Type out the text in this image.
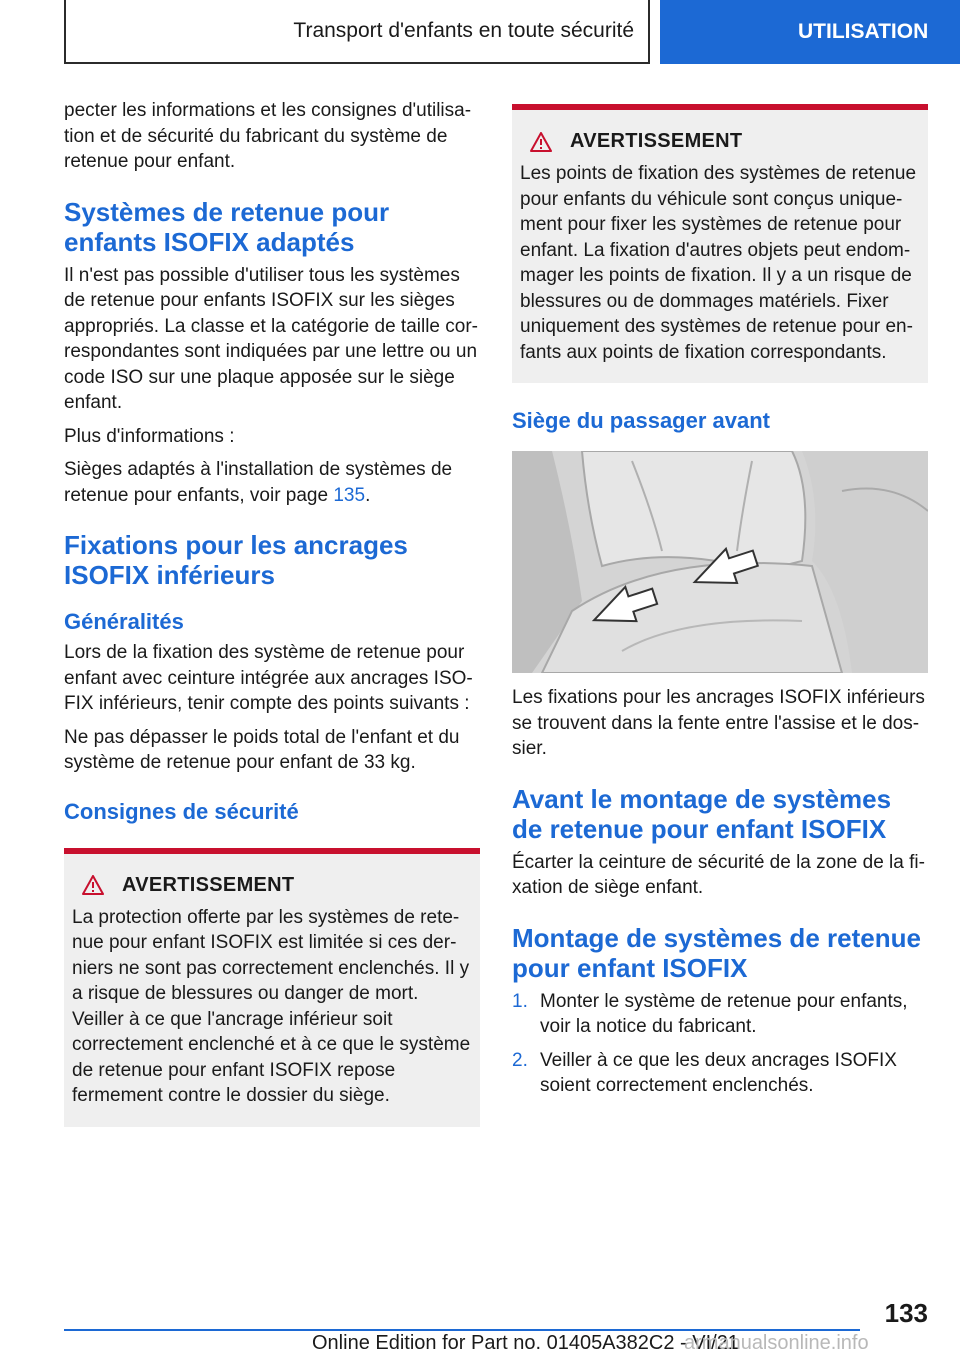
Transport d'enfants en toute sécurité	UTILISATION

pecter les informations et les consignes d'utilisa-tion et de sécurité du fabricant du système de retenue pour enfant.

Systèmes de retenue pour enfants ISOFIX adaptés

Il n'est pas possible d'utiliser tous les systèmes de retenue pour enfants ISOFIX sur les sièges appropriés. La classe et la catégorie de taille cor-respondantes sont indiquées par une lettre ou un code ISO sur une plaque apposée sur le siège enfant.

Plus d'informations :

Sièges adaptés à l'installation de systèmes de retenue pour enfants, voir page 135.

Fixations pour les ancrages ISOFIX inférieurs
Généralités

Lors de la fixation des système de retenue pour enfant avec ceinture intégrée aux ancrages ISO-FIX inférieurs, tenir compte des points suivants :

Ne pas dépasser le poids total de l'enfant et du système de retenue pour enfant de 33 kg.

Consignes de sécurité
AVERTISSEMENT

La protection offerte par les systèmes de rete-nue pour enfant ISOFIX est limitée si ces der-niers ne sont pas correctement enclenchés. Il y a risque de blessures ou danger de mort. Veiller à ce que l'ancrage inférieur soit correctement enclenché et à ce que le système de retenue pour enfant ISOFIX repose fermement contre le dossier du siège.

AVERTISSEMENT

Les points de fixation des systèmes de retenue pour enfants du véhicule sont conçus unique-ment pour fixer les systèmes de retenue pour enfant. La fixation d'autres objets peut endom-mager les points de fixation. Il y a un risque de blessures ou de dommages matériels. Fixer uniquement des systèmes de retenue pour en-fants aux points de fixation correspondants.

Siège du passager avant

Les fixations pour les ancrages ISOFIX inférieurs se trouvent dans la fente entre l'assise et le dos-sier.

Avant le montage de systèmes de retenue pour enfant ISOFIX

Écarter la ceinture de sécurité de la zone de la fi-xation de siège enfant.

Montage de systèmes de retenue pour enfant ISOFIX
1. Monter le système de retenue pour enfants, voir la notice du fabricant.
2. Veiller à ce que les deux ancrages ISOFIX soient correctement enclenchés.
133
Online Edition for Part no. 01405A382C2 - VI/21
armanualsonline.info
